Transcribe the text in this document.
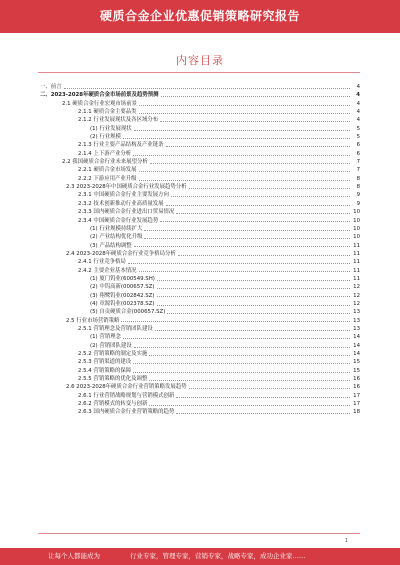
硬质合金企业优惠促销策略研究报告
内容目录
一、前言	4
二、2023-2028年硬质合金市场前景及趋势预测	4
2.1 硬质合金行业宏观市场前景	4
2.1.1 硬质合金主要品类	4
2.1.2 行业发展现状及各区域分布	4
(1) 行业发展现状	5
(2) 行业规模	5
2.1.3 行业主要产品结构及产业链条	6
2.1.4 上下游产业分析	6
2.2 我国硬质合金行业未来展望分析	7
2.2.1 硬质合金市场发展	7
2.2.2 下游应用产业升级	8
2.3 2023-2028年中国硬质合金行业发展趋势分析	8
2.3.1 中国硬质合金行业主要发展方向	9
2.3.2 技术创新推动行业高质量发展	9
2.3.3 国内硬质合金行业进出口贸易情况	10
2.3.4 中国硬质合金行业发展趋势	10
(1) 行业规模持续扩大	10
(2) 产业结构优化升级	10
(3) 产品结构调整	11
2.4 2023-2028年硬质合金行业竞争格局分析	11
2.4.1 行业竞争格局	11
2.4.2 主要企业基本情况	11
(1) 厦门钨业(600549.SH)	11
(2) 中钨高新(000657.SZ)	12
(3) 翔鹭钨业(002842.SZ)	12
(4) 章源钨业(002378.SZ)	12
(5) 自贡硬质合金(000657.SZ)	13
2.5 行业市场营销策略	13
2.5.1 营销理念及营销团队建设	13
(1) 营销理念	14
(2) 营销团队建设	14
2.5.2 营销策略的制定及实施	14
2.5.3 营销渠道的建设	15
2.5.4 营销策略的保障	15
2.5.5 营销策略的优化及调整	16
2.6 2023-2028年硬质合金行业营销策略发展趋势	16
2.6.1 行业营销战略规划与营销模式创新	17
2.6.2 营销模式的转变与创新	17
2.6.3 国内硬质合金行业营销策略的趋势	18
1
让每个人都能成为	行业专家，管理专家，营销专家，战略专家，成功企业家……
